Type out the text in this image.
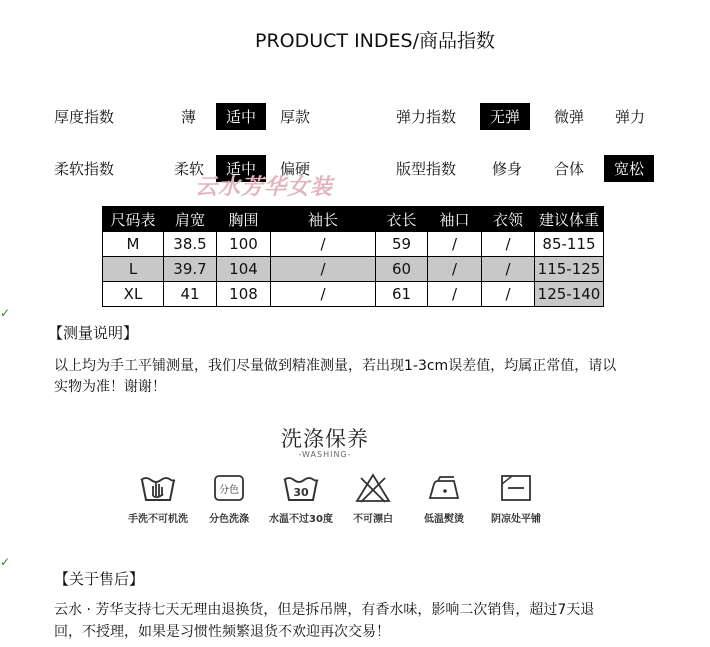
PRODUCT INDES/商品指数
厚度指数	薄	适中	厚款	弹力指数	无弹	微弹 弹力
柔软指数	柔软	适中	偏硬	版型指数 修身 合体	宽松
云水芳华女装
尺码表	肩宽	胸围	袖长	衣长	袖口	衣领	建议体重
M	38.5	100	/	59	/	/	85-115
L	39.7	104	/	60	/	/	115-125
XL	41	108	/	61	/	/	125-140
✓
【测量说明】
以上均为手工平铺测量，我们尽量做到精准测量，若出现1-3cm误差值，均属正常值，请以
实物为准！谢谢！
洗涤保养
-WASHING-
手洗不可机洗
分色
分色洗涤
30
水温不过30度	不可漂白	低温熨烫	阴凉处平铺
✓
【关于售后】
云水 · 芳华支持七天无理由退换货，但是拆吊牌，有香水味，影响二次销售，超过7天退
回，不授理，如果是习惯性频繁退货不欢迎再次交易！
